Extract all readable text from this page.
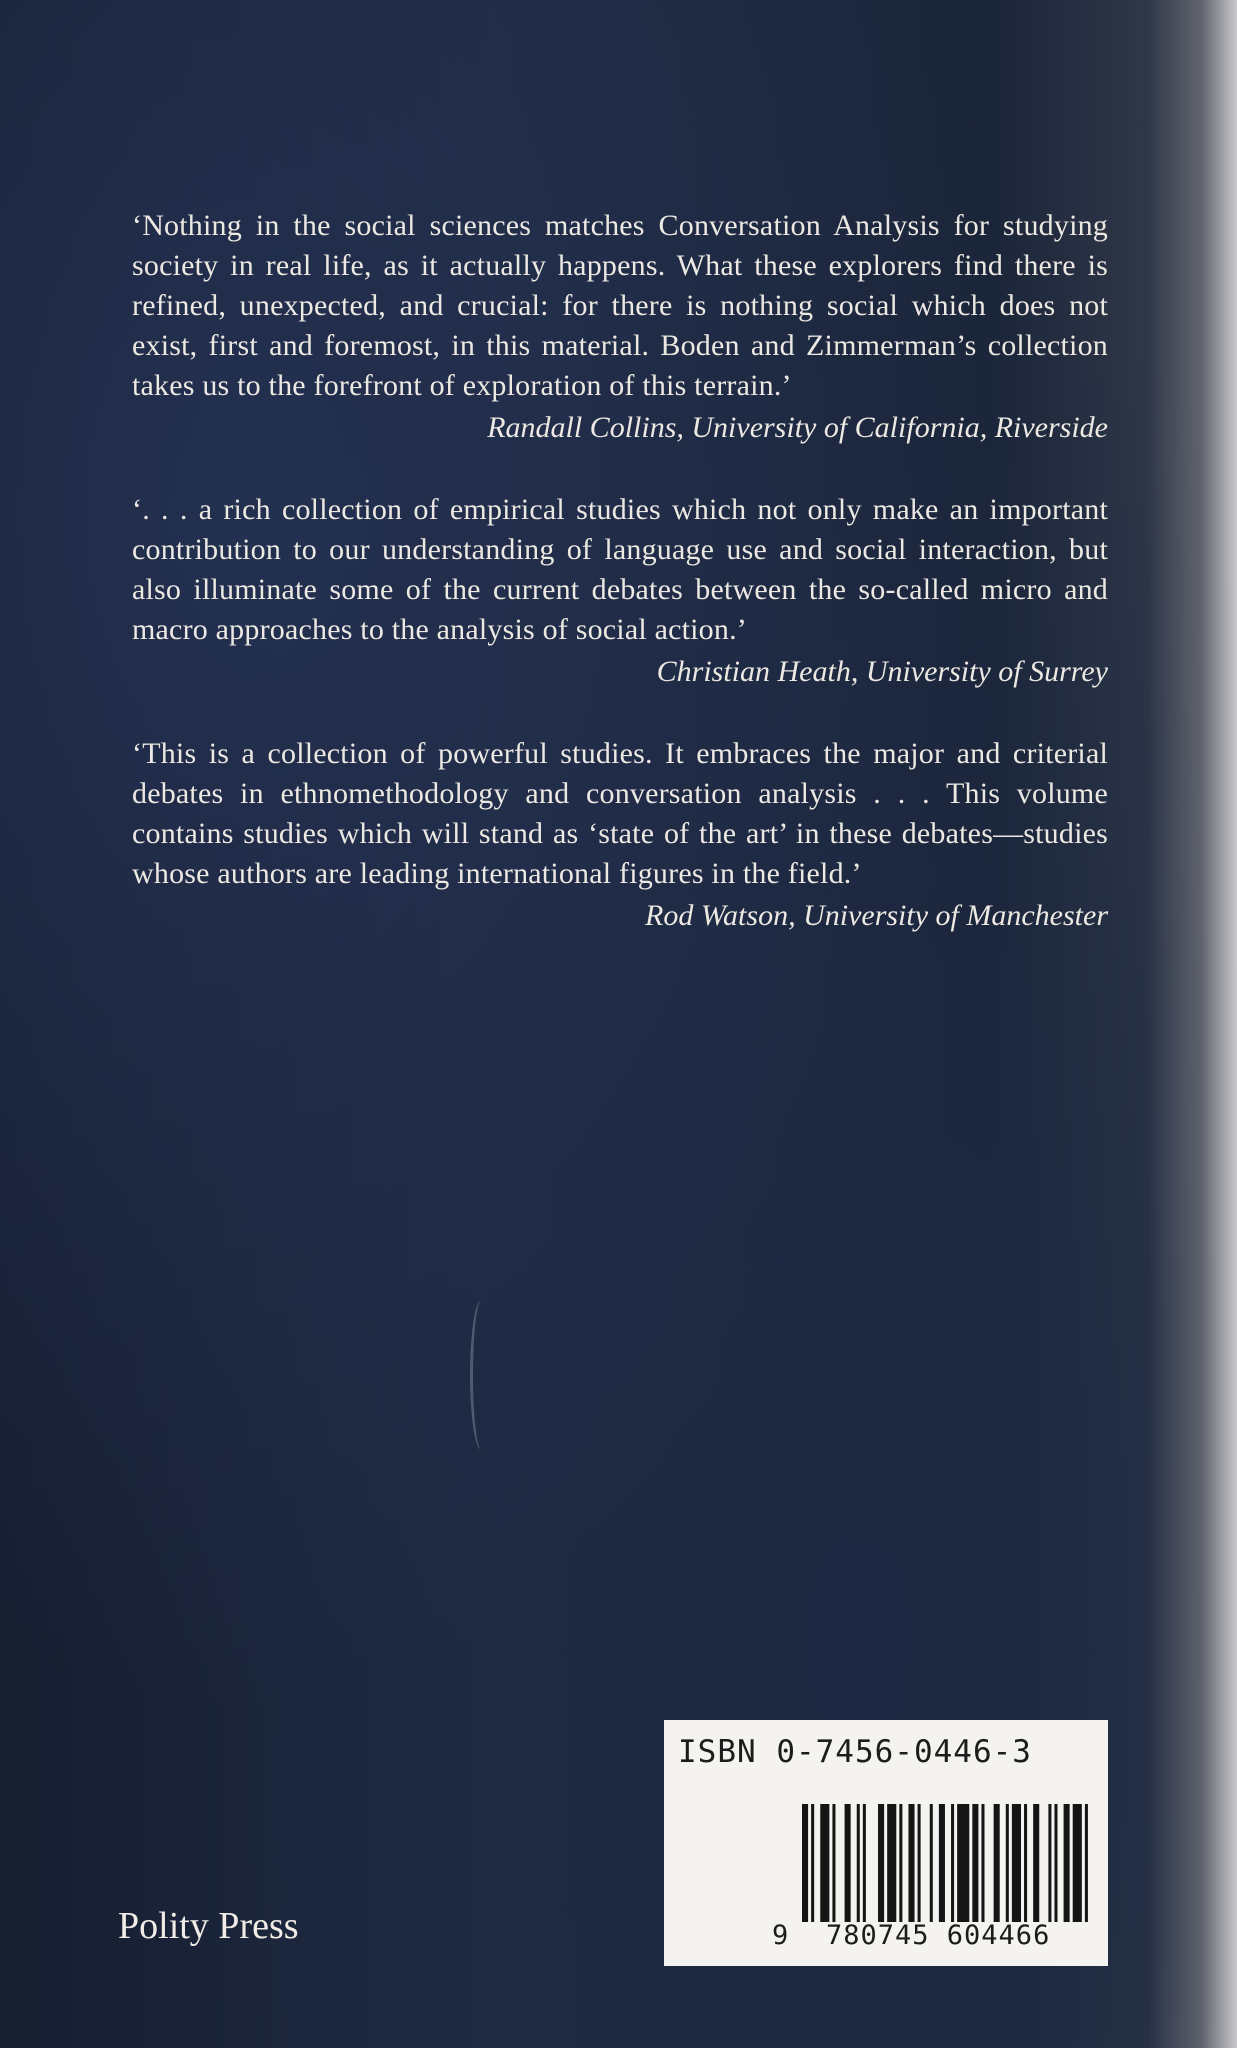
‘Nothing in the social sciences matches Conversation Analysis for studying society in real life, as it actually happens. What these explorers find there is refined, unexpected, and crucial: for there is nothing social which does not exist, first and foremost, in this material. Boden and Zimmerman’s collection takes us to the forefront of exploration of this terrain.’

Randall Collins, University of California, Riverside

‘. . . a rich collection of empirical studies which not only make an important contribution to our understanding of language use and social interaction, but also illuminate some of the current debates between the so-called micro and macro approaches to the analysis of social action.’

Christian Heath, University of Surrey

‘This is a collection of powerful studies. It embraces the major and criterial debates in ethnomethodology and conversation analysis . . . This volume contains studies which will stand as ‘state of the art’ in these debates—studies whose authors are leading international figures in the field.’

Rod Watson, University of Manchester

Polity Press
ISBN 0-7456-0446-3
9 780745 604466
